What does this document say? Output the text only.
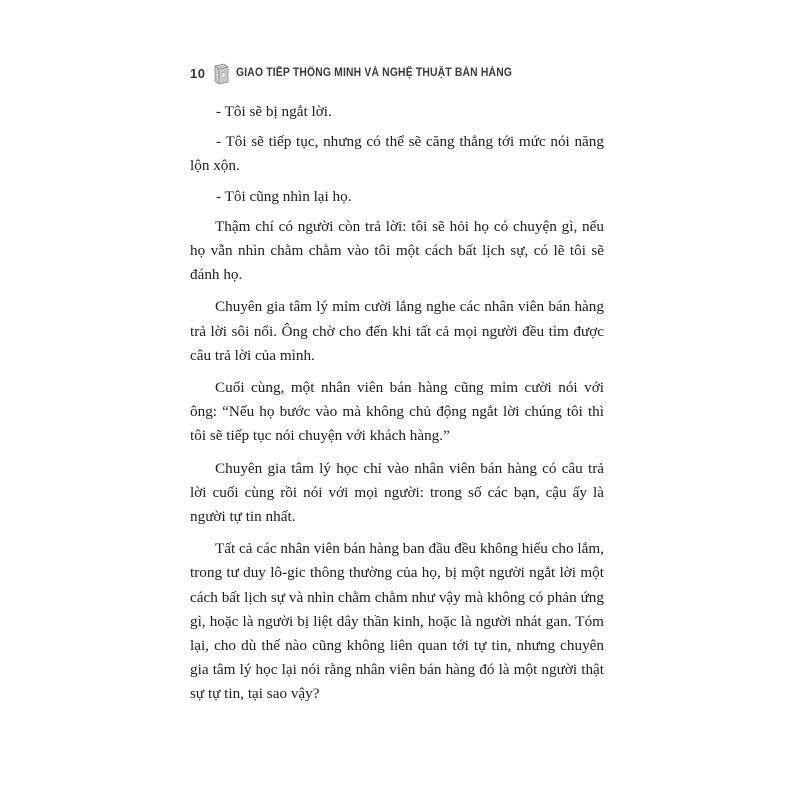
10	GIAO TIẾP THÔNG MINH VÀ NGHỆ THUẬT BÁN HÀNG

- Tôi sẽ bị ngắt lời.

- Tôi sẽ tiếp tục, nhưng có thể sẽ căng thẳng tới mức nói năng lộn xộn.

- Tôi cũng nhìn lại họ.

Thậm chí có người còn trả lời: tôi sẽ hỏi họ có chuyện gì, nếu họ vẫn nhìn chằm chằm vào tôi một cách bất lịch sự, có lẽ tôi sẽ đánh họ.

Chuyên gia tâm lý mỉm cười lắng nghe các nhân viên bán hàng trả lời sôi nổi. Ông chờ cho đến khi tất cả mọi người đều tìm được câu trả lời của mình.

Cuối cùng, một nhân viên bán hàng cũng mỉm cười nói với ông: “Nếu họ bước vào mà không chủ động ngắt lời chúng tôi thì tôi sẽ tiếp tục nói chuyện với khách hàng.”

Chuyên gia tâm lý học chỉ vào nhân viên bán hàng có câu trả lời cuối cùng rồi nói với mọi người: trong số các bạn, cậu ấy là người tự tin nhất.

Tất cả các nhân viên bán hàng ban đầu đều không hiểu cho lắm, trong tư duy lô-gic thông thường của họ, bị một người ngắt lời một cách bất lịch sự và nhìn chằm chằm như vậy mà không có phản ứng gì, hoặc là người bị liệt dây thần kinh, hoặc là người nhát gan. Tóm lại, cho dù thế nào cũng không liên quan tới tự tin, nhưng chuyên gia tâm lý học lại nói rằng nhân viên bán hàng đó là một người thật sự tự tin, tại sao vậy?
